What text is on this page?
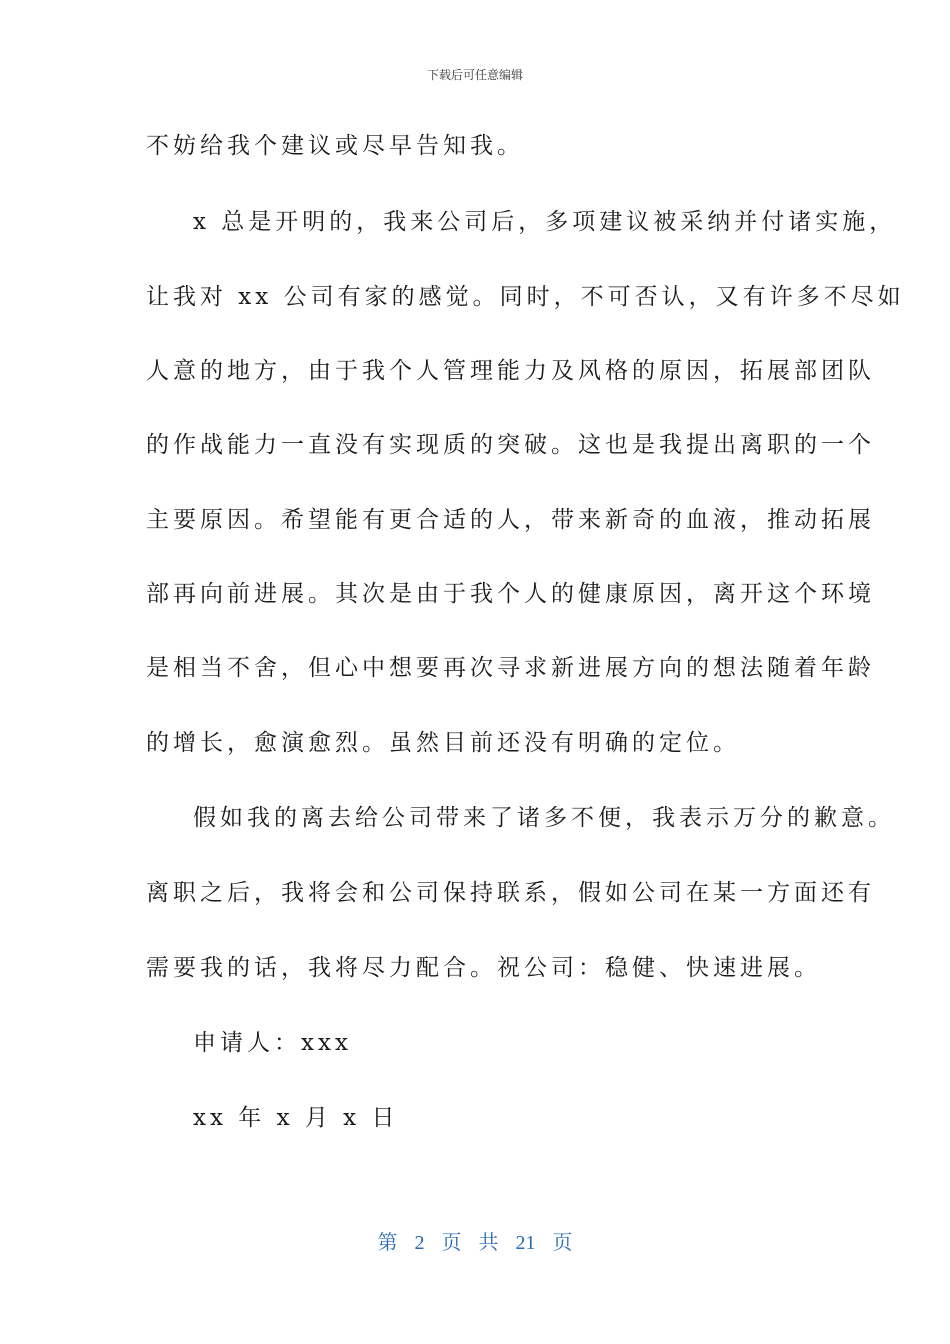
下载后可任意编辑
不妨给我个建议或尽早告知我。
x 总是开明的，我来公司后，多项建议被采纳并付诸实施，
让我对 xx 公司有家的感觉。同时，不可否认，又有许多不尽如
人意的地方，由于我个人管理能力及风格的原因，拓展部团队
的作战能力一直没有实现质的突破。这也是我提出离职的一个
主要原因。希望能有更合适的人，带来新奇的血液，推动拓展
部再向前进展。其次是由于我个人的健康原因，离开这个环境
是相当不舍，但心中想要再次寻求新进展方向的想法随着年龄
的增长，愈演愈烈。虽然目前还没有明确的定位。
假如我的离去给公司带来了诸多不便，我表示万分的歉意。
离职之后，我将会和公司保持联系，假如公司在某一方面还有
需要我的话，我将尽力配合。祝公司：稳健、快速进展。
申请人：xxx
xx 年 x 月 x 日
第 2 页 共 21 页
